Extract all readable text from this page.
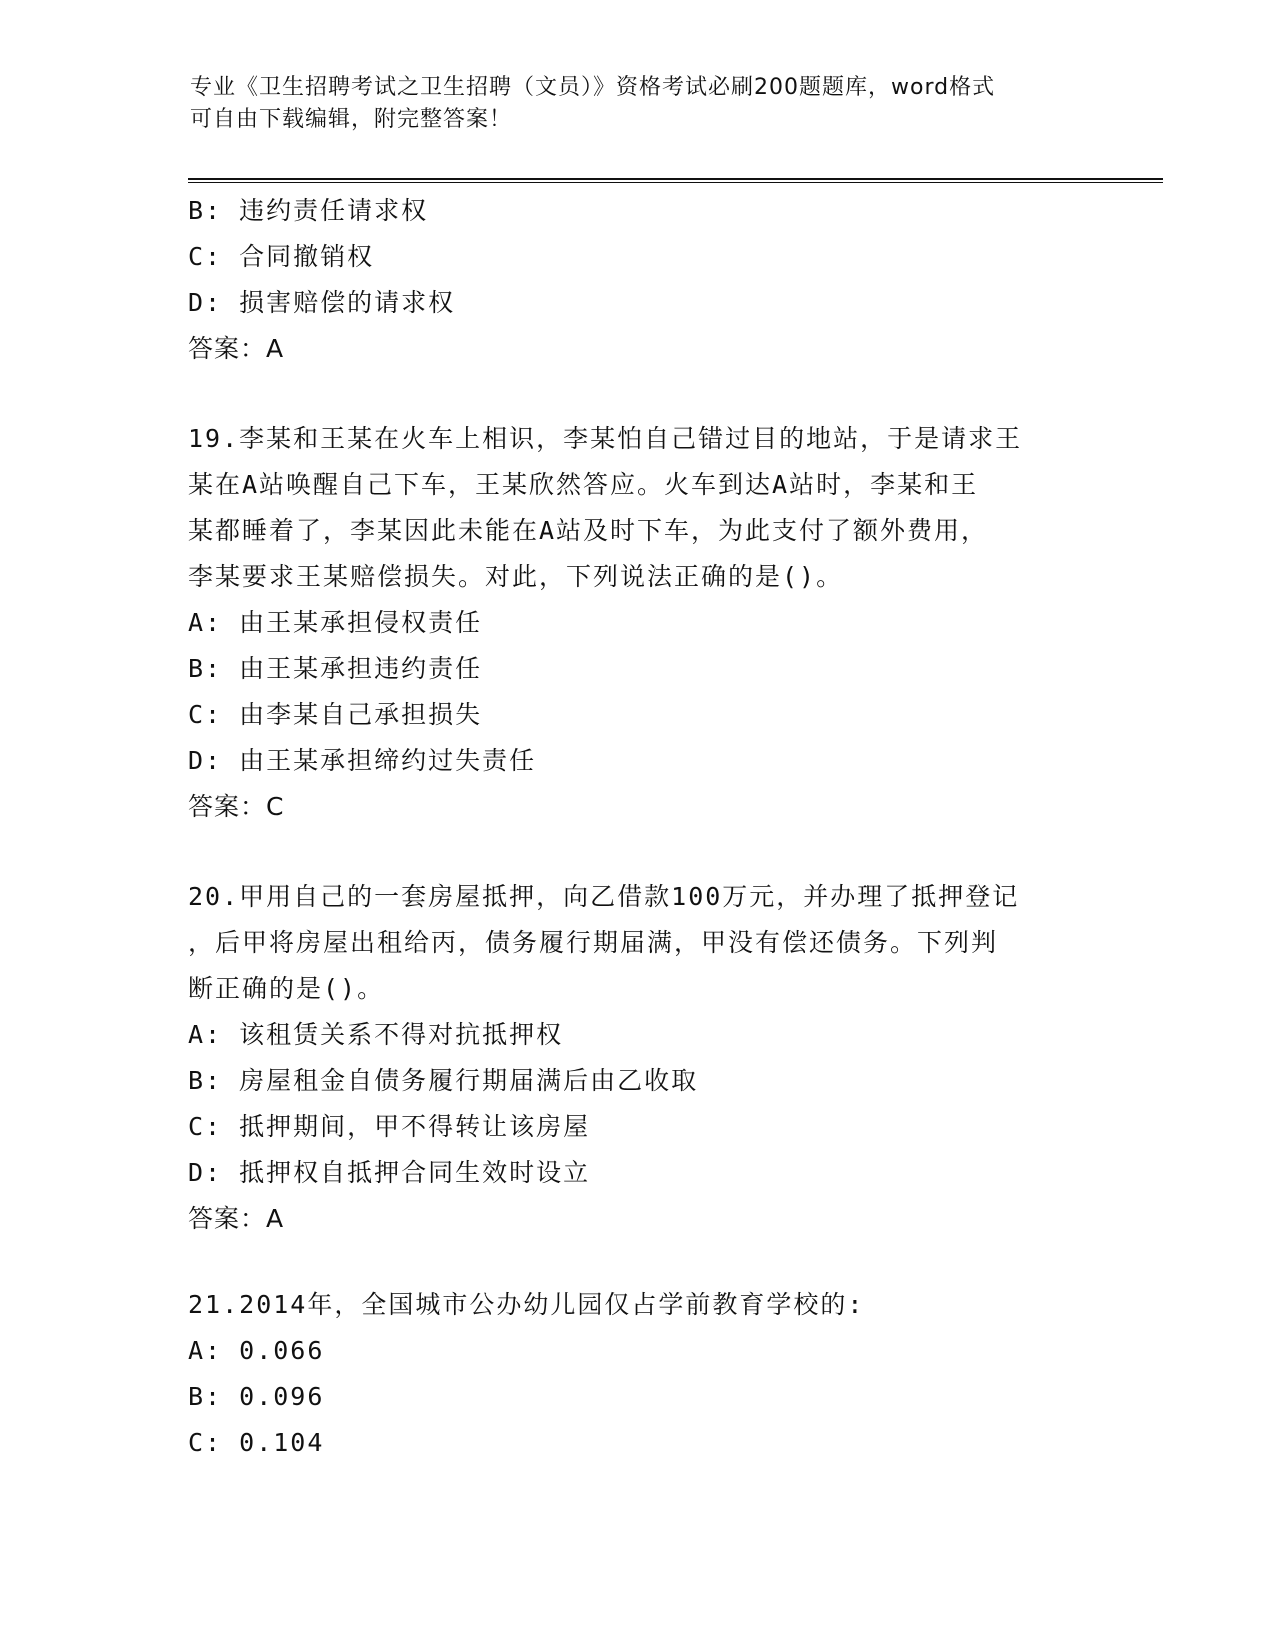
专业《卫生招聘考试之卫生招聘（文员）》资格考试必刷200题题库，word格式
可自由下载编辑，附完整答案！
B: 违约责任请求权
C: 合同撤销权
D: 损害赔偿的请求权
答案：A
19.李某和王某在火车上相识，李某怕自己错过目的地站，于是请求王
某在A站唤醒自己下车，王某欣然答应。火车到达A站时，李某和王
某都睡着了，李某因此未能在A站及时下车，为此支付了额外费用，
李某要求王某赔偿损失。对此，下列说法正确的是()。
A: 由王某承担侵权责任
B: 由王某承担违约责任
C: 由李某自己承担损失
D: 由王某承担缔约过失责任
答案：C
20.甲用自己的一套房屋抵押，向乙借款100万元，并办理了抵押登记
，后甲将房屋出租给丙，债务履行期届满，甲没有偿还债务。下列判
断正确的是()。
A: 该租赁关系不得对抗抵押权
B: 房屋租金自债务履行期届满后由乙收取
C: 抵押期间，甲不得转让该房屋
D: 抵押权自抵押合同生效时设立
答案：A
21.2014年，全国城市公办幼儿园仅占学前教育学校的:
A: 0.066
B: 0.096
C: 0.104
